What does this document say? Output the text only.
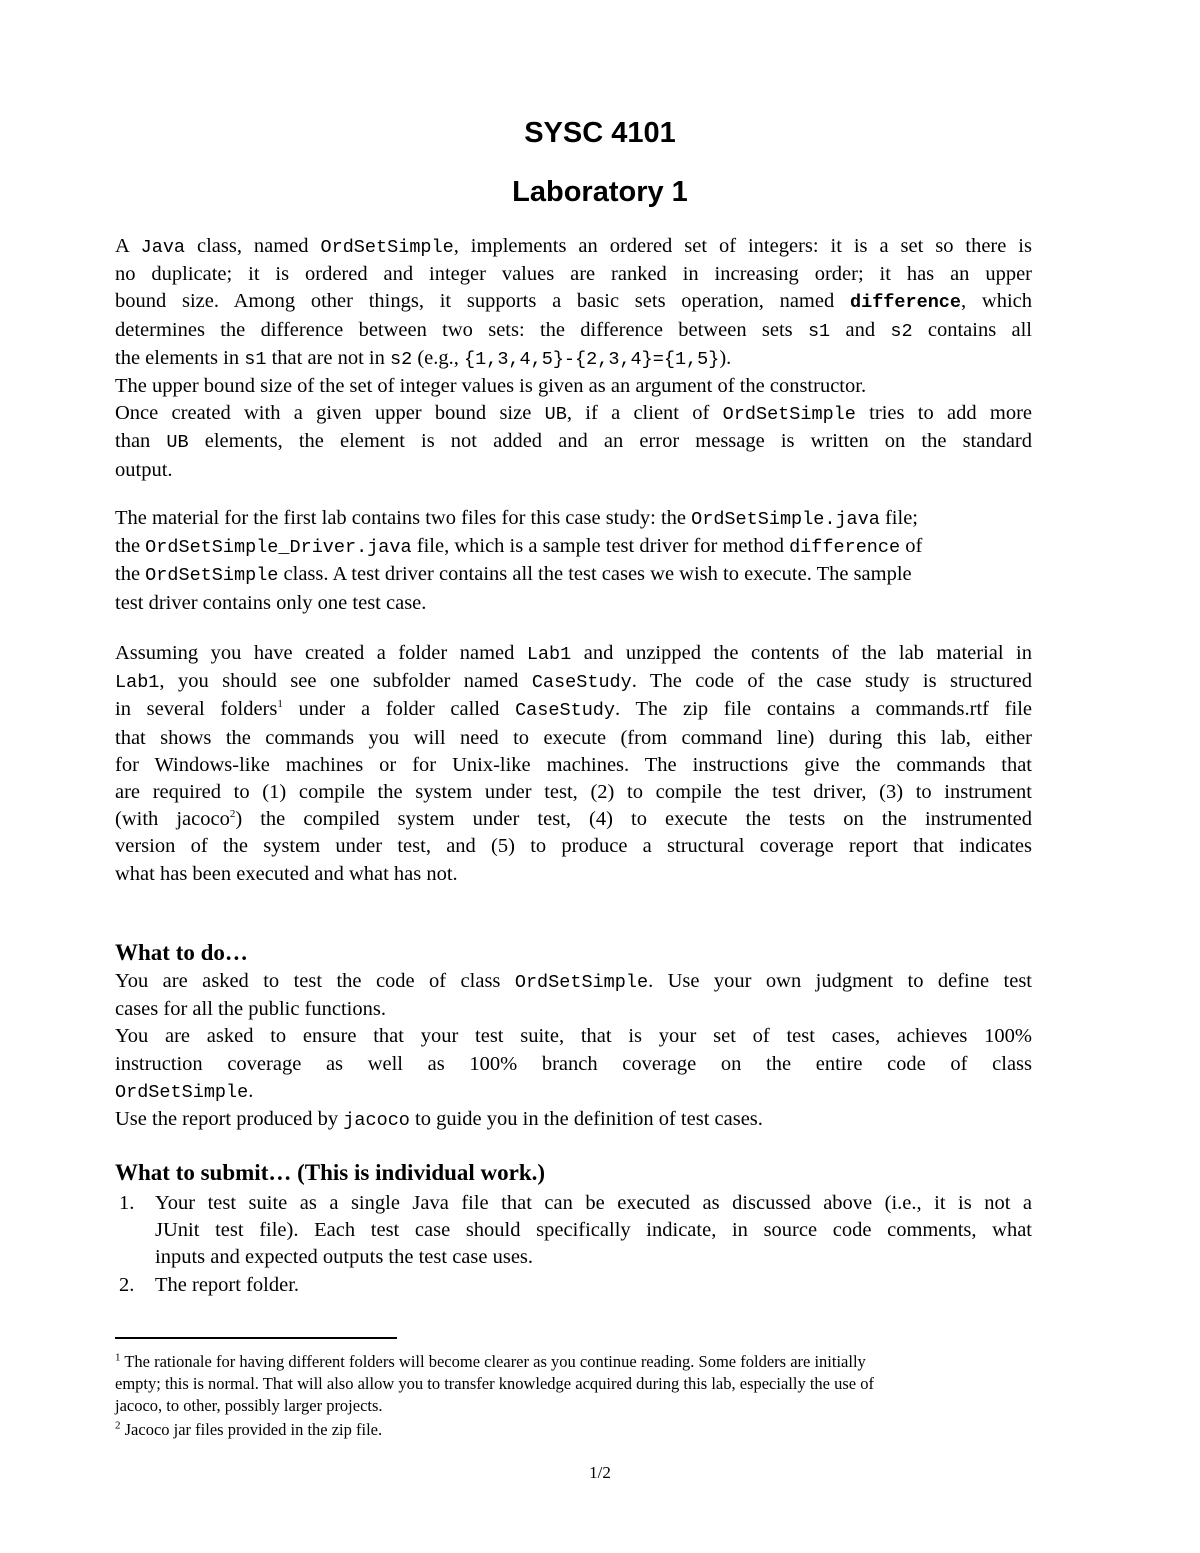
SYSC 4101
Laboratory 1
A Java class, named OrdSetSimple, implements an ordered set of integers: it is a set so there is
no duplicate; it is ordered and integer values are ranked in increasing order; it has an upper
bound size. Among other things, it supports a basic sets operation, named difference, which
determines the difference between two sets: the difference between sets s1 and s2 contains all
the elements in s1 that are not in s2 (e.g., {1,3,4,5}-{2,3,4}={1,5}).
The upper bound size of the set of integer values is given as an argument of the constructor.
Once created with a given upper bound size UB, if a client of OrdSetSimple tries to add more
than UB elements, the element is not added and an error message is written on the standard
output.
The material for the first lab contains two files for this case study: the OrdSetSimple.java file;
the OrdSetSimple_Driver.java file, which is a sample test driver for method difference of
the OrdSetSimple class. A test driver contains all the test cases we wish to execute. The sample
test driver contains only one test case.
Assuming you have created a folder named Lab1 and unzipped the contents of the lab material in
Lab1, you should see one subfolder named CaseStudy. The code of the case study is structured
in several folders$^1$ under a folder called CaseStudy. The zip file contains a commands.rtf file
that shows the commands you will need to execute (from command line) during this lab, either
for Windows-like machines or for Unix-like machines. The instructions give the commands that
are required to (1) compile the system under test, (2) to compile the test driver, (3) to instrument
(with jacoco$^2$) the compiled system under test, (4) to execute the tests on the instrumented
version of the system under test, and (5) to produce a structural coverage report that indicates
what has been executed and what has not.
What to do…
You are asked to test the code of class OrdSetSimple. Use your own judgment to define test
cases for all the public functions.
You are asked to ensure that your test suite, that is your set of test cases, achieves 100%
instruction coverage as well as 100% branch coverage on the entire code of class
OrdSetSimple.
Use the report produced by jacoco to guide you in the definition of test cases.
What to submit… (This is individual work.)
1. Your test suite as a single Java file that can be executed as discussed above (i.e., it is not a
JUnit test file). Each test case should specifically indicate, in source code comments, what
inputs and expected outputs the test case uses.
2. The report folder.
$^1$ The rationale for having different folders will become clearer as you continue reading. Some folders are initially
empty; this is normal. That will also allow you to transfer knowledge acquired during this lab, especially the use of
jacoco, to other, possibly larger projects.
$^2$ Jacoco jar files provided in the zip file.
1/2
